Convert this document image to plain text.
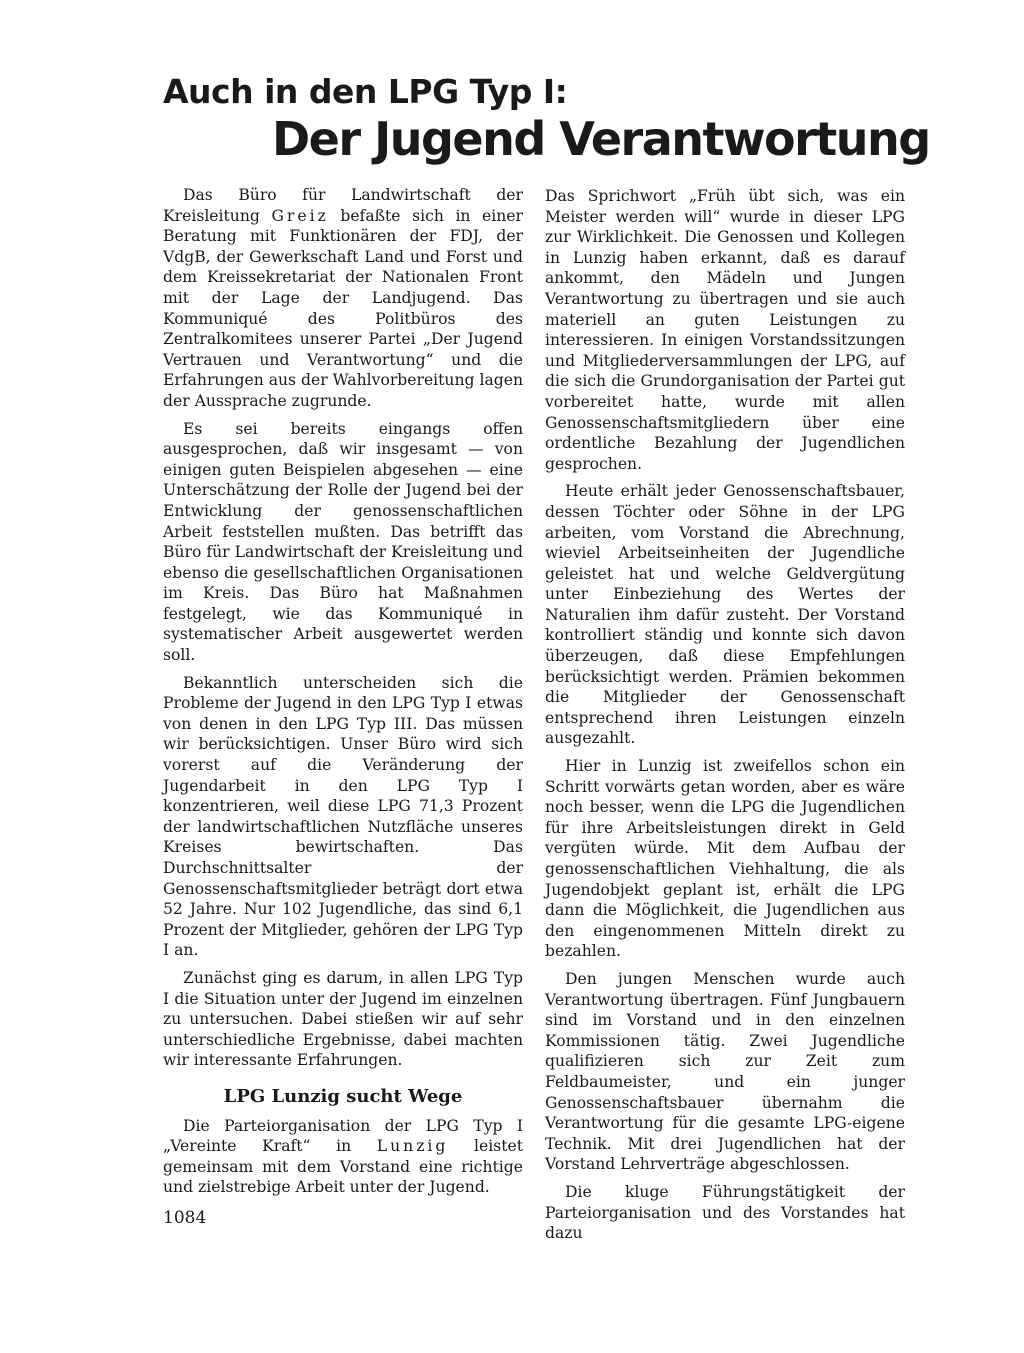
Auch in den LPG Typ I:
Der Jugend Verantwortung

Das Büro für Landwirtschaft der Kreisleitung Greiz befaßte sich in einer Beratung mit Funktionären der FDJ, der VdgB, der Gewerkschaft Land und Forst und dem Kreissekretariat der Nationalen Front mit der Lage der Landjugend. Das Kommuniqué des Politbüros des Zentralkomitees unserer Partei „Der Jugend Vertrauen und Verantwortung“ und die Erfahrungen aus der Wahlvorbereitung lagen der Aussprache zugrunde.

Es sei bereits eingangs offen ausgesprochen, daß wir insgesamt — von einigen guten Beispielen abgesehen — eine Unterschätzung der Rolle der Jugend bei der Entwicklung der genossenschaftlichen Arbeit feststellen mußten. Das betrifft das Büro für Landwirtschaft der Kreisleitung und ebenso die gesellschaftlichen Organisationen im Kreis. Das Büro hat Maßnahmen festgelegt, wie das Kommuniqué in systematischer Arbeit ausgewertet werden soll.

Bekanntlich unterscheiden sich die Probleme der Jugend in den LPG Typ I etwas von denen in den LPG Typ III. Das müssen wir berücksichtigen. Unser Büro wird sich vorerst auf die Veränderung der Jugendarbeit in den LPG Typ I konzentrieren, weil diese LPG 71,3 Prozent der landwirtschaftlichen Nutzfläche unseres Kreises bewirtschaften. Das Durchschnittsalter der Genossenschaftsmitglieder beträgt dort etwa 52 Jahre. Nur 102 Jugendliche, das sind 6,1 Prozent der Mitglieder, gehören der LPG Typ I an.

Zunächst ging es darum, in allen LPG Typ I die Situation unter der Jugend im einzelnen zu untersuchen. Dabei stießen wir auf sehr unterschiedliche Ergebnisse, dabei machten wir interessante Erfahrungen.

LPG Lunzig sucht Wege

Die Parteiorganisation der LPG Typ I „Vereinte Kraft“ in Lunzig leistet gemeinsam mit dem Vorstand eine richtige und zielstrebige Arbeit unter der Jugend.

Das Sprichwort „Früh übt sich, was ein Meister werden will“ wurde in dieser LPG zur Wirklichkeit. Die Genossen und Kollegen in Lunzig haben erkannt, daß es darauf ankommt, den Mädeln und Jungen Verantwortung zu übertragen und sie auch materiell an guten Leistungen zu interessieren. In einigen Vorstandssitzungen und Mitgliederversammlungen der LPG, auf die sich die Grundorganisation der Partei gut vorbereitet hatte, wurde mit allen Genossenschaftsmitgliedern über eine ordentliche Bezahlung der Jugendlichen gesprochen.

Heute erhält jeder Genossenschaftsbauer, dessen Töchter oder Söhne in der LPG arbeiten, vom Vorstand die Abrechnung, wieviel Arbeitseinheiten der Jugendliche geleistet hat und welche Geldvergütung unter Einbeziehung des Wertes der Naturalien ihm dafür zusteht. Der Vorstand kontrolliert ständig und konnte sich davon überzeugen, daß diese Empfehlungen berücksichtigt werden. Prämien bekommen die Mitglieder der Genossenschaft entsprechend ihren Leistungen einzeln ausgezahlt.

Hier in Lunzig ist zweifellos schon ein Schritt vorwärts getan worden, aber es wäre noch besser, wenn die LPG die Jugendlichen für ihre Arbeitsleistungen direkt in Geld vergüten würde. Mit dem Aufbau der genossenschaftlichen Viehhaltung, die als Jugendobjekt geplant ist, erhält die LPG dann die Möglichkeit, die Jugendlichen aus den eingenommenen Mitteln direkt zu bezahlen.

Den jungen Menschen wurde auch Verantwortung übertragen. Fünf Jungbauern sind im Vorstand und in den einzelnen Kommissionen tätig. Zwei Jugendliche qualifizieren sich zur Zeit zum Feldbaumeister, und ein junger Genossenschaftsbauer übernahm die Verantwortung für die gesamte LPG-eigene Technik. Mit drei Jugendlichen hat der Vorstand Lehrverträge abgeschlossen.

Die kluge Führungstätigkeit der Parteiorganisation und des Vorstandes hat dazu

1084
